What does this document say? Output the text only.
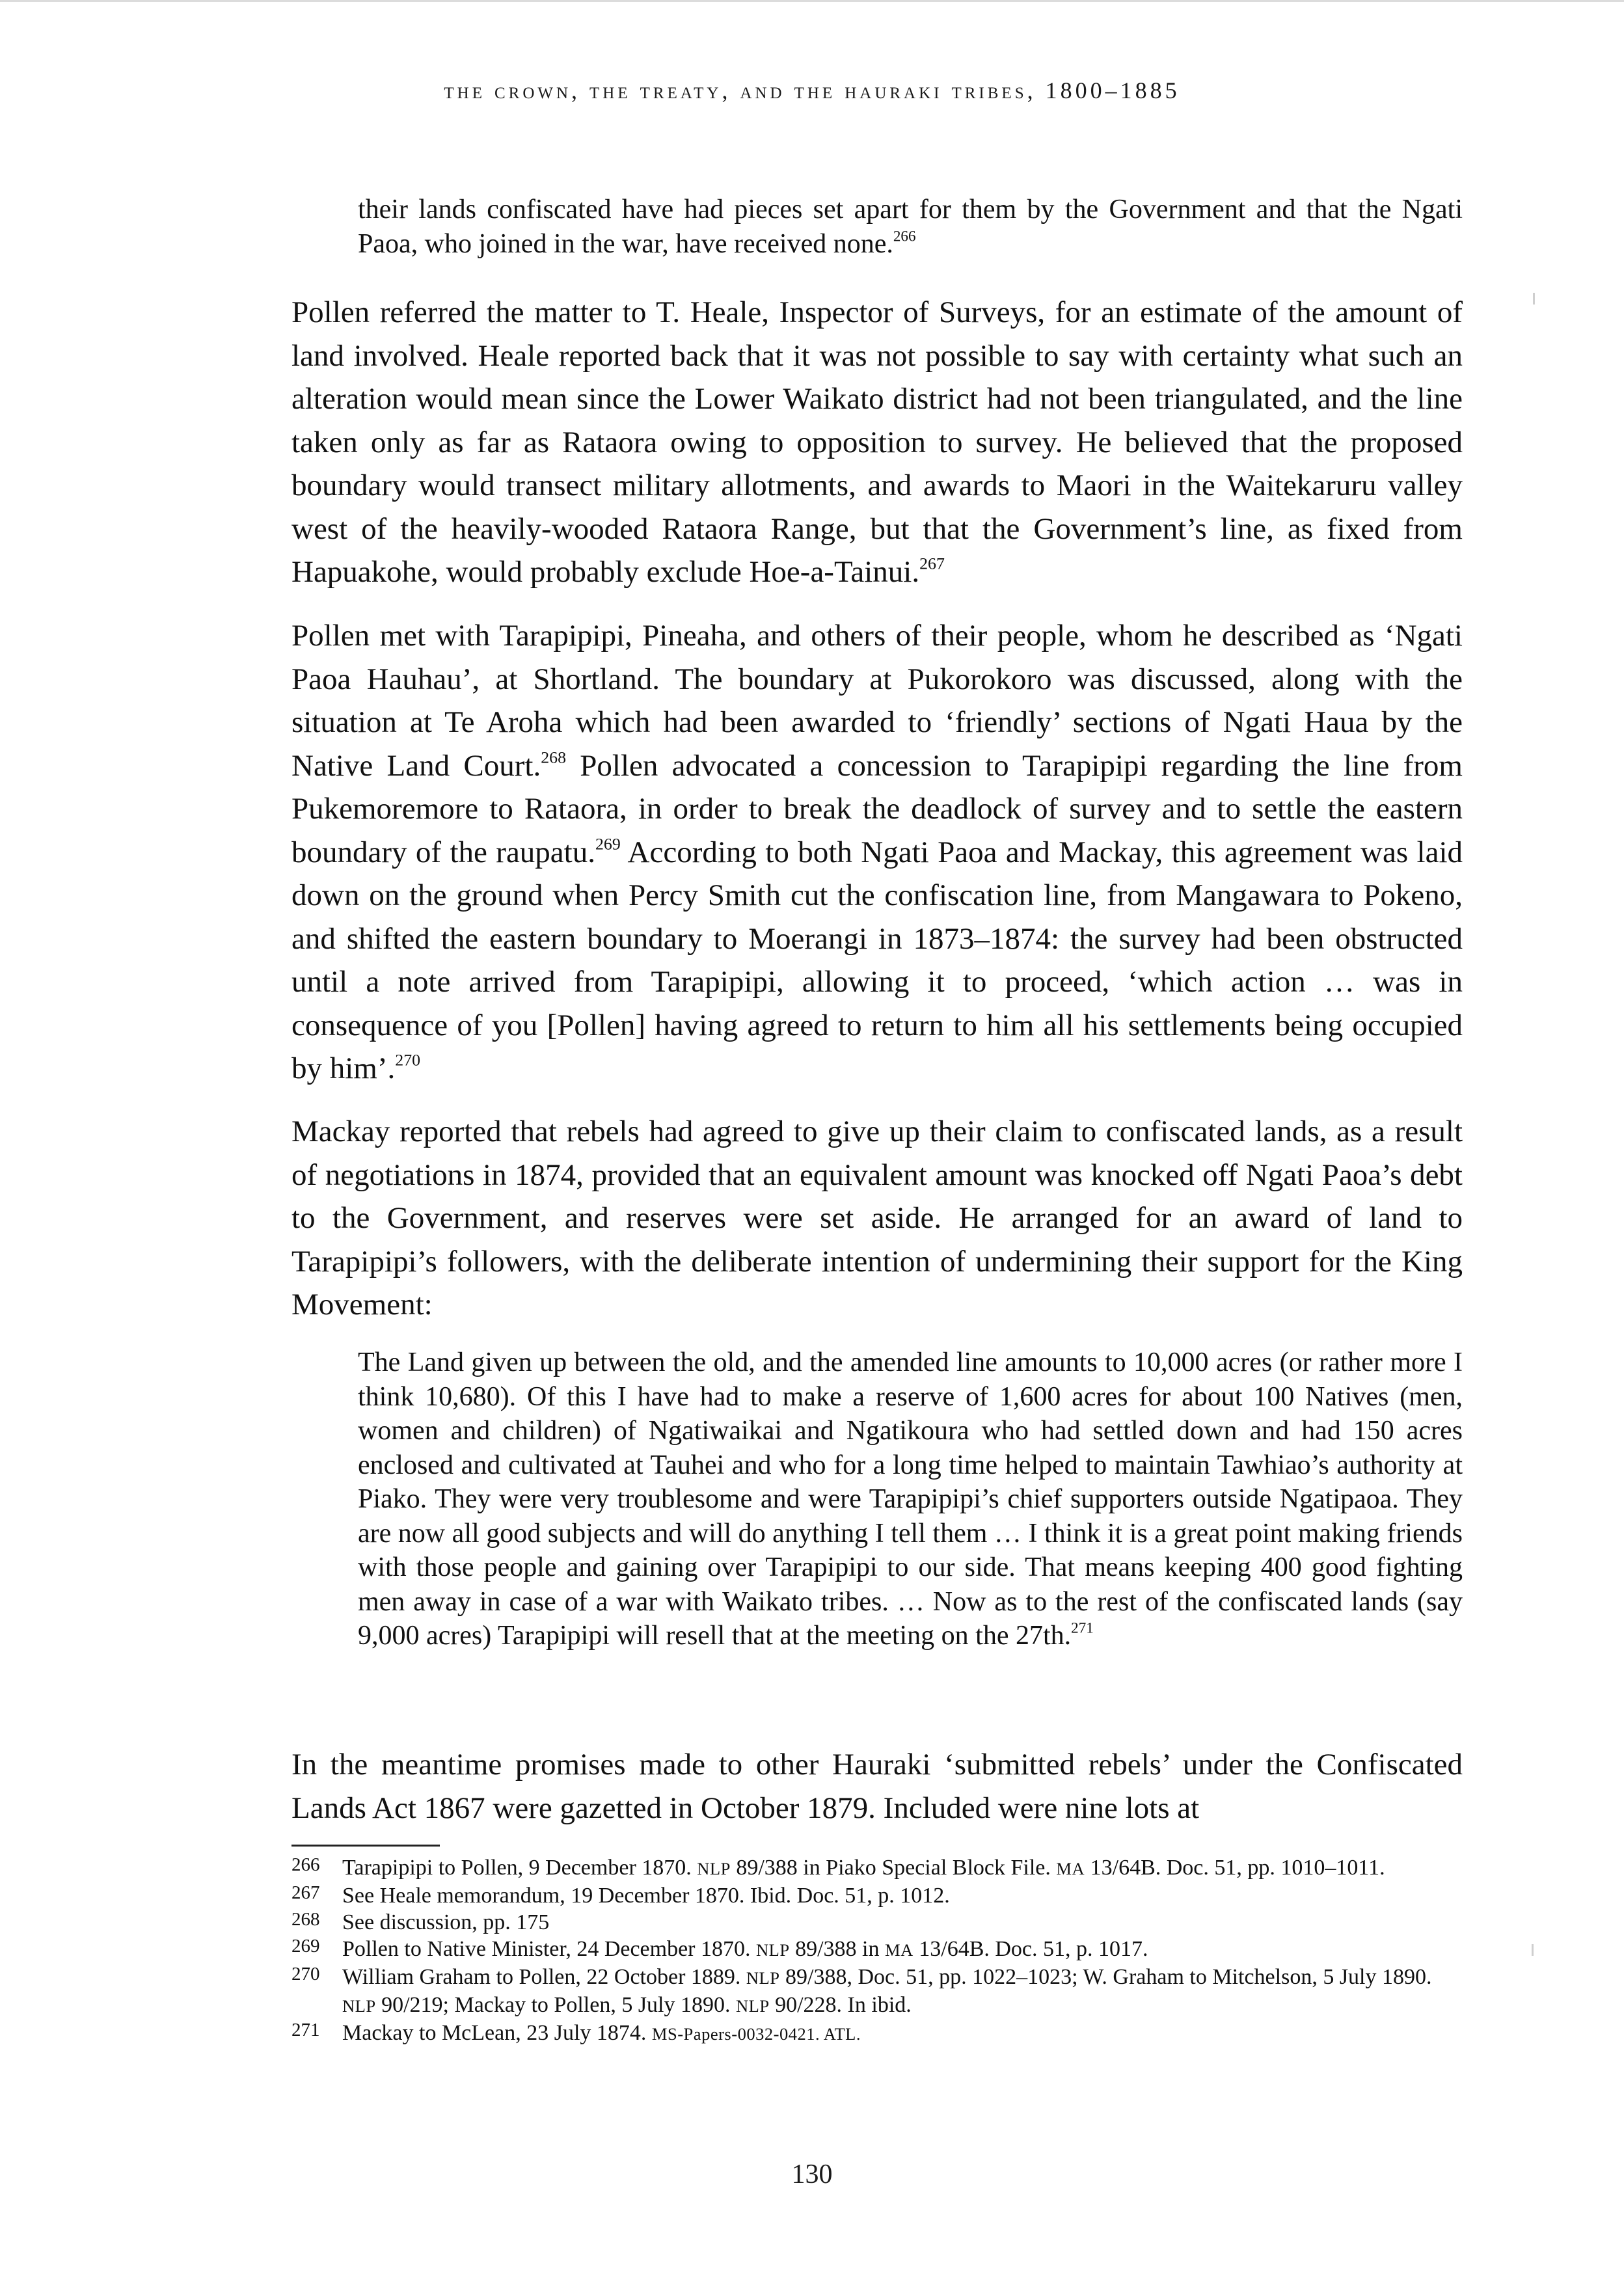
the crown, the treaty, and the hauraki tribes, 1800–1885

their lands confiscated have had pieces set apart for them by the Government and that the Ngati Paoa, who joined in the war, have received none.$^{266}$

Pollen referred the matter to T. Heale, Inspector of Surveys, for an estimate of the amount of land involved. Heale reported back that it was not possible to say with certainty what such an alteration would mean since the Lower Waikato district had not been triangulated, and the line taken only as far as Rataora owing to opposition to survey. He believed that the proposed boundary would transect military allotments, and awards to Maori in the Waitekaruru valley west of the heavily-wooded Rataora Range, but that the Government’s line, as fixed from Hapuakohe, would probably exclude Hoe-a-Tainui.$^{267}$

Pollen met with Tarapipipi, Pineaha, and others of their people, whom he described as ‘Ngati Paoa Hauhau’, at Shortland. The boundary at Pukorokoro was discussed, along with the situation at Te Aroha which had been awarded to ‘friendly’ sections of Ngati Haua by the Native Land Court.$^{268}$ Pollen advocated a concession to Tarapipipi regarding the line from Pukemoremore to Rataora, in order to break the deadlock of survey and to settle the eastern boundary of the raupatu.$^{269}$ According to both Ngati Paoa and Mackay, this agreement was laid down on the ground when Percy Smith cut the confiscation line, from Mangawara to Pokeno, and shifted the eastern boundary to Moerangi in 1873–1874: the survey had been obstructed until a note arrived from Tarapipipi, allowing it to proceed, ‘which action … was in consequence of you [Pollen] having agreed to return to him all his settlements being occupied by him’.$^{270}$

Mackay reported that rebels had agreed to give up their claim to confiscated lands, as a result of negotiations in 1874, provided that an equivalent amount was knocked off Ngati Paoa’s debt to the Government, and reserves were set aside. He arranged for an award of land to Tarapipipi’s followers, with the deliberate intention of undermining their support for the King Movement:

The Land given up between the old, and the amended line amounts to 10,000 acres (or rather more I think 10,680). Of this I have had to make a reserve of 1,600 acres for about 100 Natives (men, women and children) of Ngatiwaikai and Ngatikoura who had settled down and had 150 acres enclosed and cultivated at Tauhei and who for a long time helped to maintain Tawhiao’s authority at Piako. They were very troublesome and were Tarapipipi’s chief supporters outside Ngatipaoa. They are now all good subjects and will do anything I tell them … I think it is a great point making friends with those people and gaining over Tarapipipi to our side. That means keeping 400 good fighting men away in case of a war with Waikato tribes. … Now as to the rest of the confiscated lands (say 9,000 acres) Tarapipipi will resell that at the meeting on the 27th.$^{271}$

In the meantime promises made to other Hauraki ‘submitted rebels’ under the Confiscated Lands Act 1867 were gazetted in October 1879. Included were nine lots at

266 Tarapipipi to Pollen, 9 December 1870. NLP 89/388 in Piako Special Block File. MA 13/64B. Doc. 51, pp. 1010–1011.
267 See Heale memorandum, 19 December 1870. Ibid. Doc. 51, p. 1012.
268 See discussion, pp. 175
269 Pollen to Native Minister, 24 December 1870. NLP 89/388 in MA 13/64B. Doc. 51, p. 1017.
270 William Graham to Pollen, 22 October 1889. NLP 89/388, Doc. 51, pp. 1022–1023; W. Graham to Mitchelson, 5 July 1890. NLP 90/219; Mackay to Pollen, 5 July 1890. NLP 90/228. In ibid.
271 Mackay to McLean, 23 July 1874. MS-Papers-0032-0421. ATL.
130
